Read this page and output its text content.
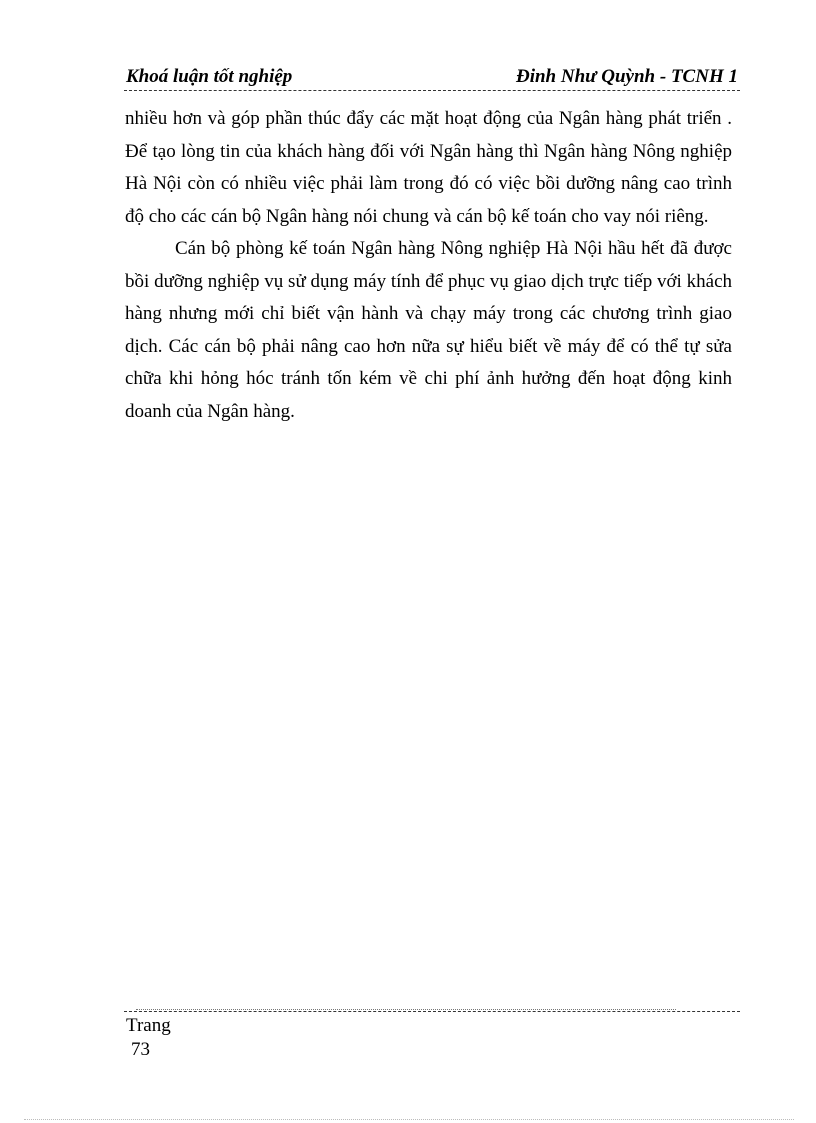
Khoá luận tốt nghiệp	Đinh Như Quỳnh - TCNH 1

nhiều hơn và góp phần thúc đẩy các mặt hoạt động của Ngân hàng phát triển . Để tạo lòng tin của khách hàng đối với Ngân hàng thì Ngân hàng Nông nghiệp Hà Nội còn có nhiều việc phải làm trong đó có việc bồi dưỡng nâng cao trình độ cho các cán bộ Ngân hàng nói chung và cán bộ kế toán cho vay nói riêng.

Cán bộ phòng kế toán Ngân hàng Nông nghiệp Hà Nội hầu hết đã được bồi dưỡng nghiệp vụ sử dụng máy tính để phục vụ giao dịch trực tiếp với khách hàng nhưng mới chỉ biết vận hành và chạy máy trong các chương trình giao dịch. Các cán bộ phải nâng cao hơn nữa sự hiểu biết về máy để có thể tự sửa chữa khi hỏng hóc tránh tốn kém về chi phí ảnh hưởng đến hoạt động kinh doanh của Ngân hàng.

Trang
73
